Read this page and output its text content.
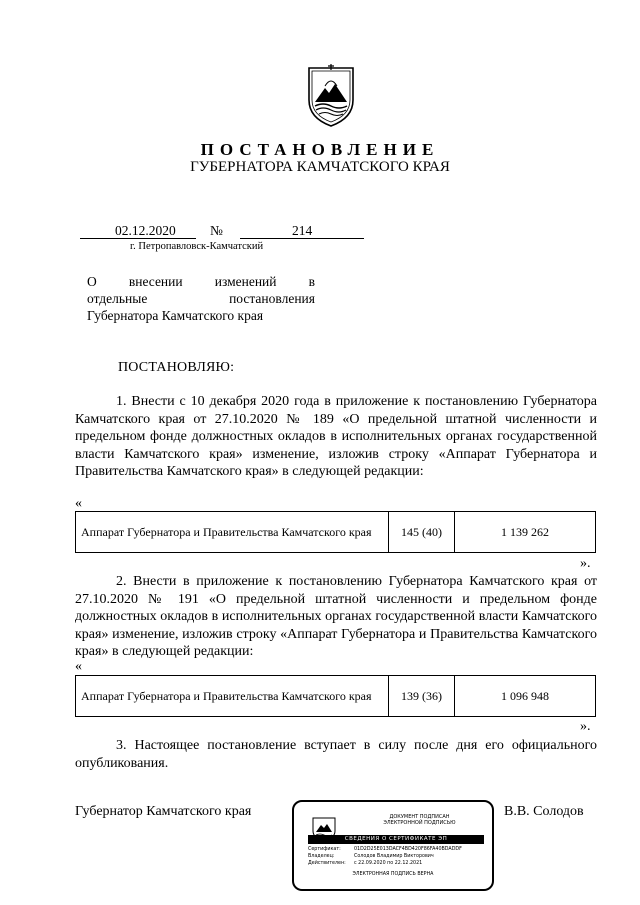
ПОСТАНОВЛЕНИЕ
ГУБЕРНАТОРА КАМЧАТСКОГО КРАЯ
02.12.2020	№	214
г. Петропавловск-Камчатский
О внесении изменений в
отдельные постановления
Губернатора Камчатского края
ПОСТАНОВЛЯЮ:
1. Внести с 10 декабря 2020 года в приложение к постановлению Губернатора Камчатского края от 27.10.2020 № 189 «О предельной штатной численности и предельном фонде должностных окладов в исполнительных органах государственной власти Камчатского края» изменение, изложив строку «Аппарат Губернатора и Правительства Камчатского края» в следующей редакции:
«
Аппарат Губернатора и Правительства Камчатского края	145 (40)	1 139 262
».
2. Внести в приложение к постановлению Губернатора Камчатского края от 27.10.2020 № 191 «О предельной штатной численности и предельном фонде должностных окладов в исполнительных органах государственной власти Камчатского края» изменение, изложив строку «Аппарат Губернатора и Правительства Камчатского края» в следующей редакции:
«
Аппарат Губернатора и Правительства Камчатского края	139 (36)	1 096 948
».
3. Настоящее постановление вступает в силу после дня его официального опубликования.
Губернатор Камчатского края	В.В. Солодов
ДОКУМЕНТ ПОДПИСАН
ЭЛЕКТРОННОЙ ПОДПИСЬЮ
СВЕДЕНИЯ О СЕРТИФИКАТЕ ЭП
Сертификат:	01D2D25E013DACF4BD420F86FA40BDADDF
Владелец:	Солодов Владимир Викторович
Действителен: с 22.09.2020 по 22.12.2021
ЭЛЕКТРОННАЯ ПОДПИСЬ ВЕРНА
